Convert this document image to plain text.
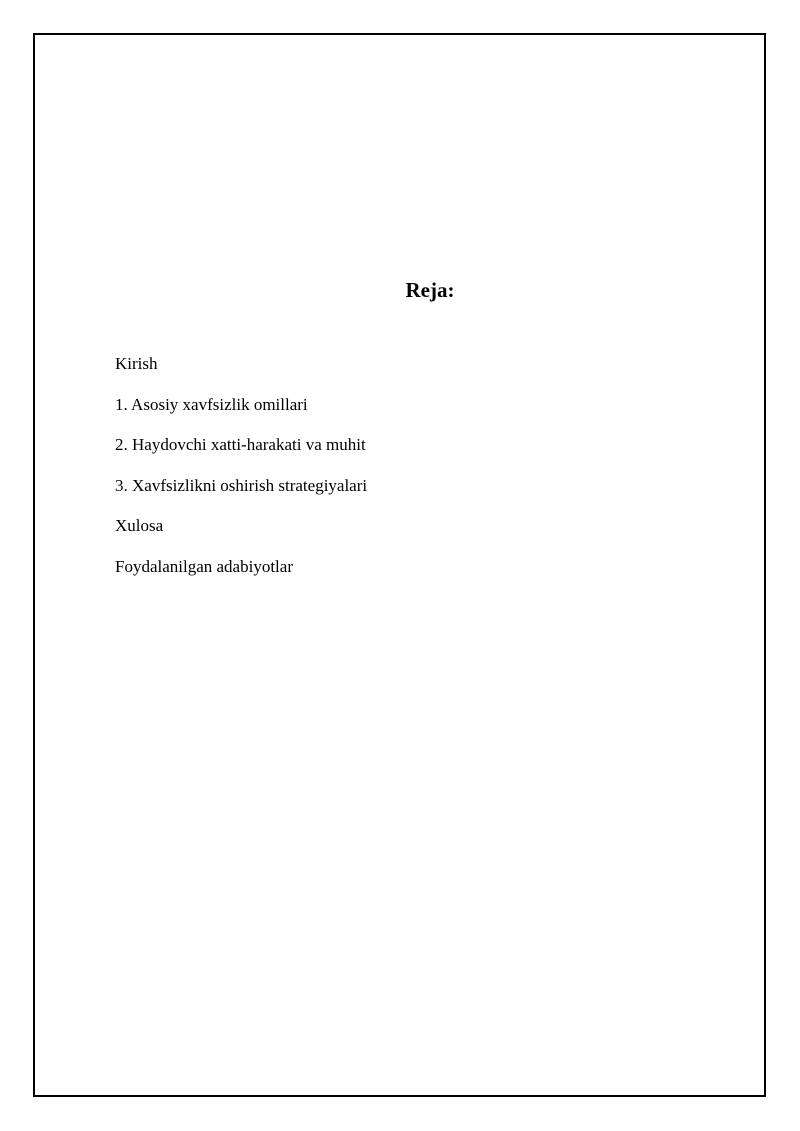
Reja:
Kirish
1. Asosiy xavfsizlik omillari
2. Haydovchi xatti-harakati va muhit
3. Xavfsizlikni oshirish strategiyalari
Xulosa
Foydalanilgan adabiyotlar
